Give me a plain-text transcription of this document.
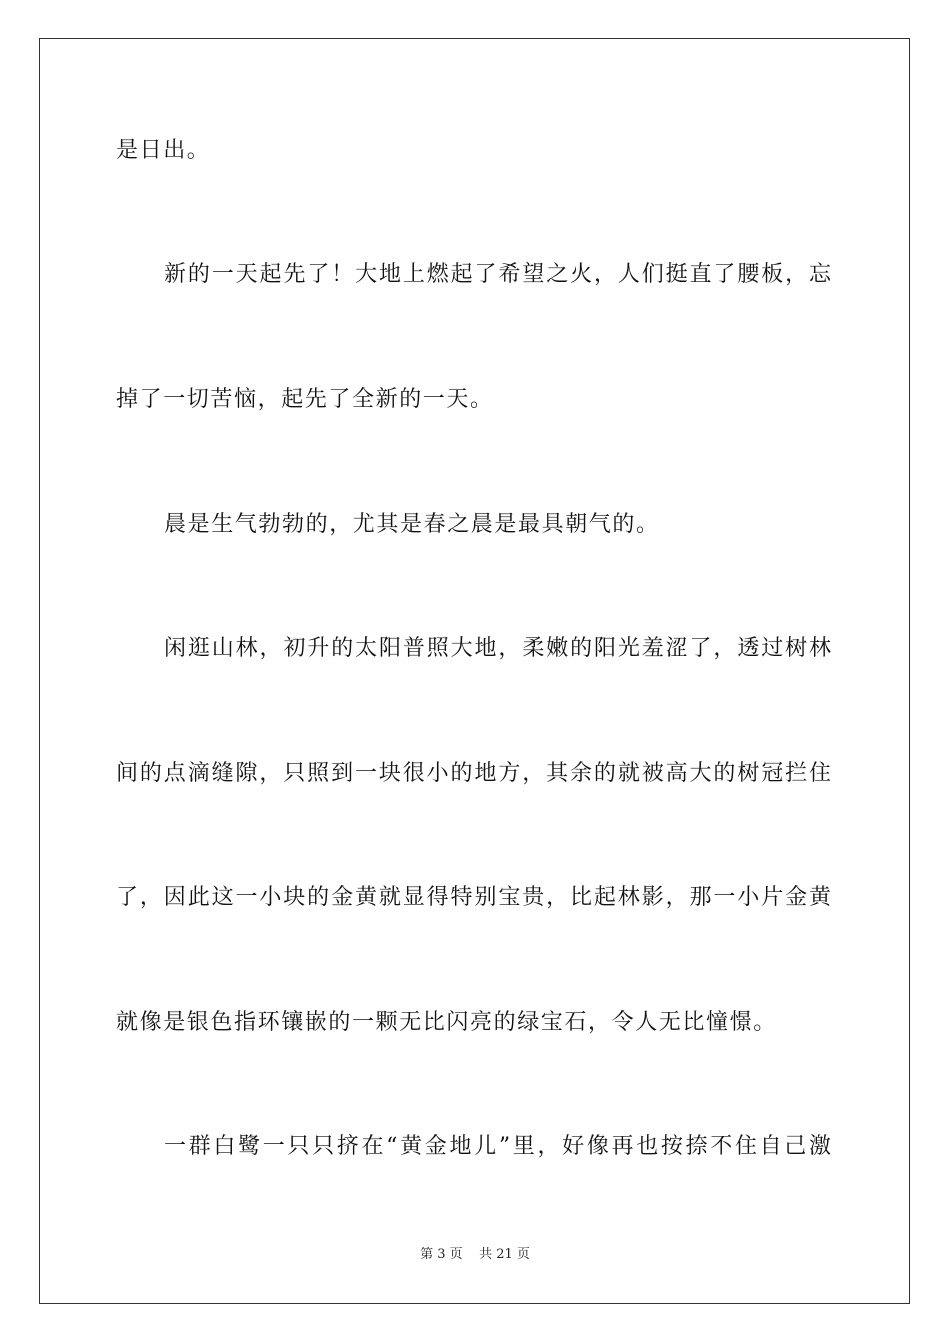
是日出。
新的一天起先了！大地上燃起了希望之火，人们挺直了腰板，忘
掉了一切苦恼，起先了全新的一天。
晨是生气勃勃的，尤其是春之晨是最具朝气的。
闲逛山林，初升的太阳普照大地，柔嫩的阳光羞涩了，透过树林
间的点滴缝隙，只照到一块很小的地方，其余的就被高大的树冠拦住
了，因此这一小块的金黄就显得特别宝贵，比起林影，那一小片金黄
就像是银色指环镶嵌的一颗无比闪亮的绿宝石，令人无比憧憬。
一群白鹭一只只挤在“黄金地儿”里，好像再也按捺不住自己激
第 3 页    共 21 页
